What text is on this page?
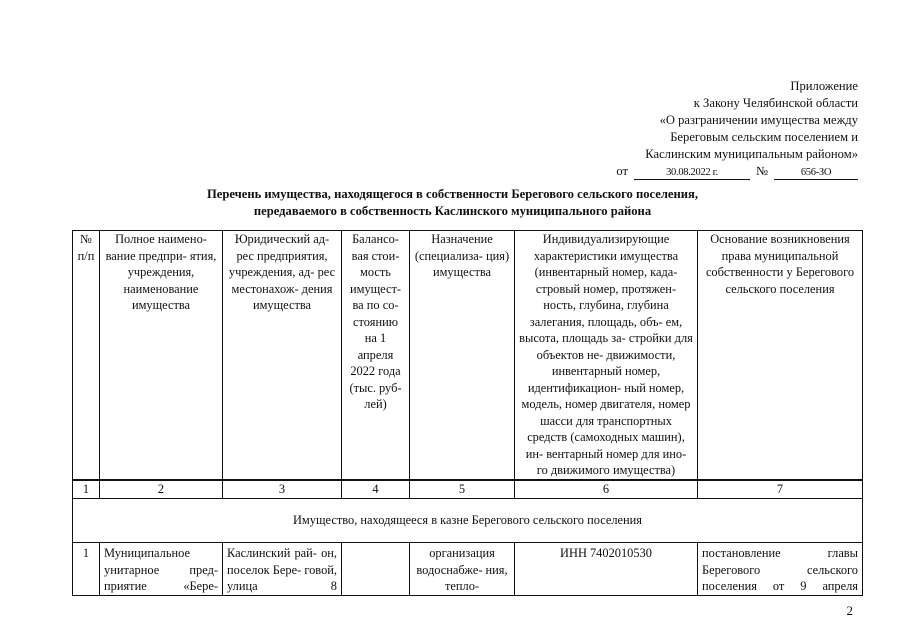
Приложение
к Закону Челябинской области
«О разграничении имущества между
Береговым сельским поселением и
Каслинским муниципальным районом»
от	30.08.2022 г.	№	656-ЗО
Перечень имущества, находящегося в собственности Берегового сельского поселения,
передаваемого в собственность Каслинского муниципального района
№ п/п	Полное наимено- вание предпри- ятия, учреждения, наименование имущества	Юридический ад- рес предприятия, учреждения, ад- рес местонахож- дения имущества	Балансо- вая стои- мость имущест- ва по со- стоянию на 1 апреля 2022 года (тыс. руб- лей)	Назначение (специализа- ция) имущества	Индивидуализирующие характеристики имущества (инвентарный номер, када- стровый номер, протяжен- ность, глубина, глубина залегания, площадь, объ- ем, высота, площадь за- стройки для объектов не- движимости, инвентарный номер, идентификацион- ный номер, модель, номер двигателя, номер шасси для транспортных средств (самоходных машин), ин- вентарный номер для ино- го движимого имущества)	Основание возникновения права муниципальной собственности у Берегового сельского поселения
1	2	3	4	5	6	7
Имущество, находящееся в казне Берегового сельского поселения						
1	Муниципальное унитарное пред- приятие «Бере-	Каслинский рай- он, поселок Бере- говой, улица 8		организация водоснабже- ния, тепло-	ИНН 7402010530	постановление главы Берегового сельского поселения от 9 апреля
2
